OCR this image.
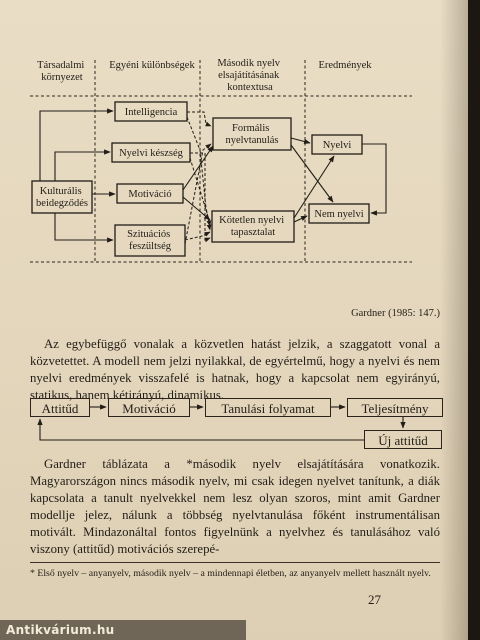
Társadalmi környezet
Egyéni különbségek Második nyelv elsajátításának kontextusa
Eredmények
Kulturális beidegződés
Intelligencia
Nyelvi készség
Motiváció
Szituációs feszültség
Formális nyelvtanulás
Kötetlen nyelvi tapasztalat
Nyelvi
Nem nyelvi
Gardner (1985: 147.)

Az egybefüggő vonalak a közvetlen hatást jelzik, a szaggatott vonal a közvetettet. A modell nem jelzi nyilakkal, de egyértelmű, hogy a nyelvi és nem nyelvi eredmények visszafelé is hatnak, hogy a kapcsolat nem egyirányú, statikus, hanem kétirányú, dinamikus.

Attitűd	Motiváció	Tanulási folyamat	Teljesítmény
Új attitűd

Gardner táblázata a *második nyelv elsajátítására vonatkozik. Magyarországon nincs második nyelv, mi csak idegen nyelvet tanítunk, a diák kapcsolata a tanult nyelvekkel nem lesz olyan szoros, mint amit Gardner modellje jelez, nálunk a többség nyelvtanulása főként instrumentálisan motivált. Mindazonáltal fontos figyelnünk a nyelvhez és tanulásához való viszony (attitűd) motivációs szerepé-

* Első nyelv – anyanyelv, második nyelv – a mindennapi életben, az anyanyelv mellett használt nyelv.

27
Antikvárium.hu
